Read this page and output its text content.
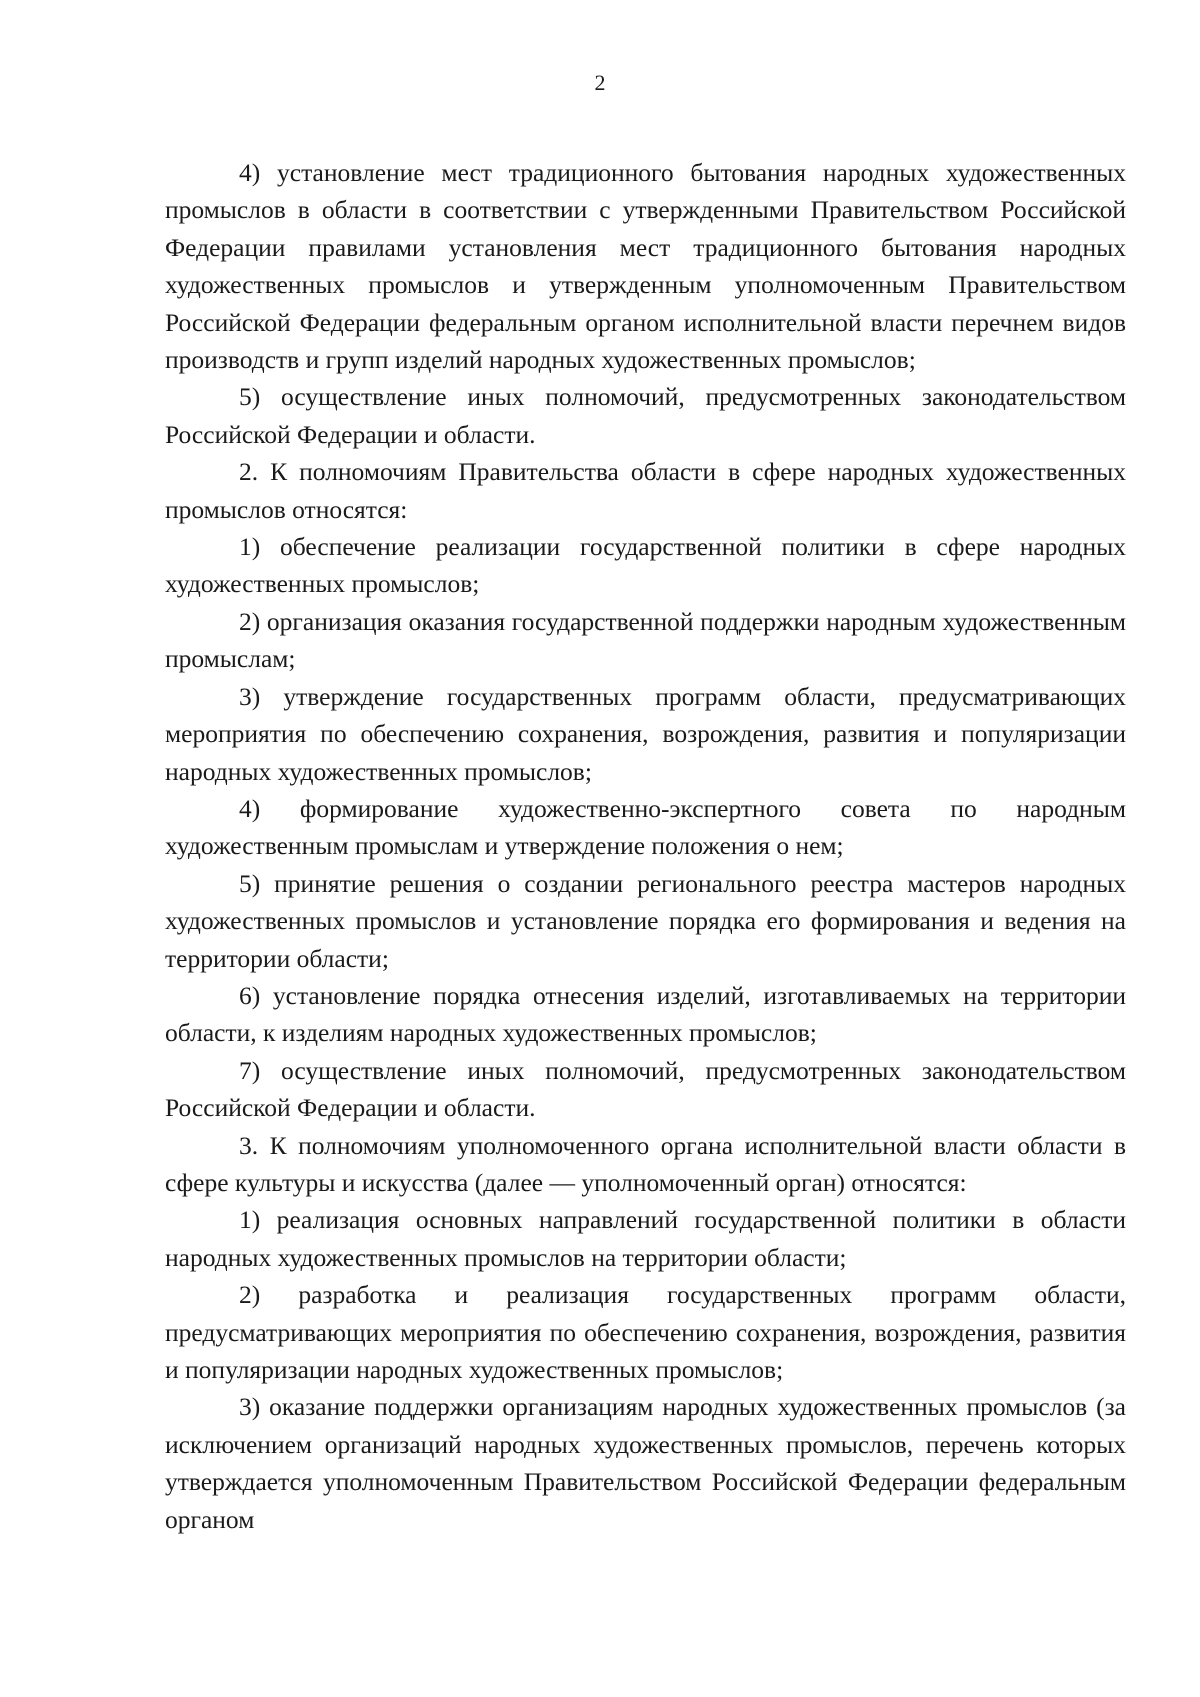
2

4) установление мест традиционного бытования народных художественных промыслов в области в соответствии с утвержденными Правительством Российской Федерации правилами установления мест традиционного бытования народных художественных промыслов и утвержденным уполномоченным Правительством Российской Федерации федеральным органом исполнительной власти перечнем видов производств и групп изделий народных художественных промыслов;

5) осуществление иных полномочий, предусмотренных законодательством Российской Федерации и области.

2. К полномочиям Правительства области в сфере народных художественных промыслов относятся:

1) обеспечение реализации государственной политики в сфере народных художественных промыслов;

2) организация оказания государственной поддержки народным художественным промыслам;

3) утверждение государственных программ области, предусматривающих мероприятия по обеспечению сохранения, возрождения, развития и популяризации народных художественных промыслов;

4) формирование художественно-экспертного совета по народным художественным промыслам и утверждение положения о нем;

5) принятие решения о создании регионального реестра мастеров народных художественных промыслов и установление порядка его формирования и ведения на территории области;

6) установление порядка отнесения изделий, изготавливаемых на территории области, к изделиям народных художественных промыслов;

7) осуществление иных полномочий, предусмотренных законодательством Российской Федерации и области.

3. К полномочиям уполномоченного органа исполнительной власти области в сфере культуры и искусства (далее — уполномоченный орган) относятся:

1) реализация основных направлений государственной политики в области народных художественных промыслов на территории области;

2) разработка и реализация государственных программ области, предусматривающих мероприятия по обеспечению сохранения, возрождения, развития и популяризации народных художественных промыслов;

3) оказание поддержки организациям народных художественных промыслов (за исключением организаций народных художественных промыслов, перечень которых утверждается уполномоченным Правительством Российской Федерации федеральным органом
